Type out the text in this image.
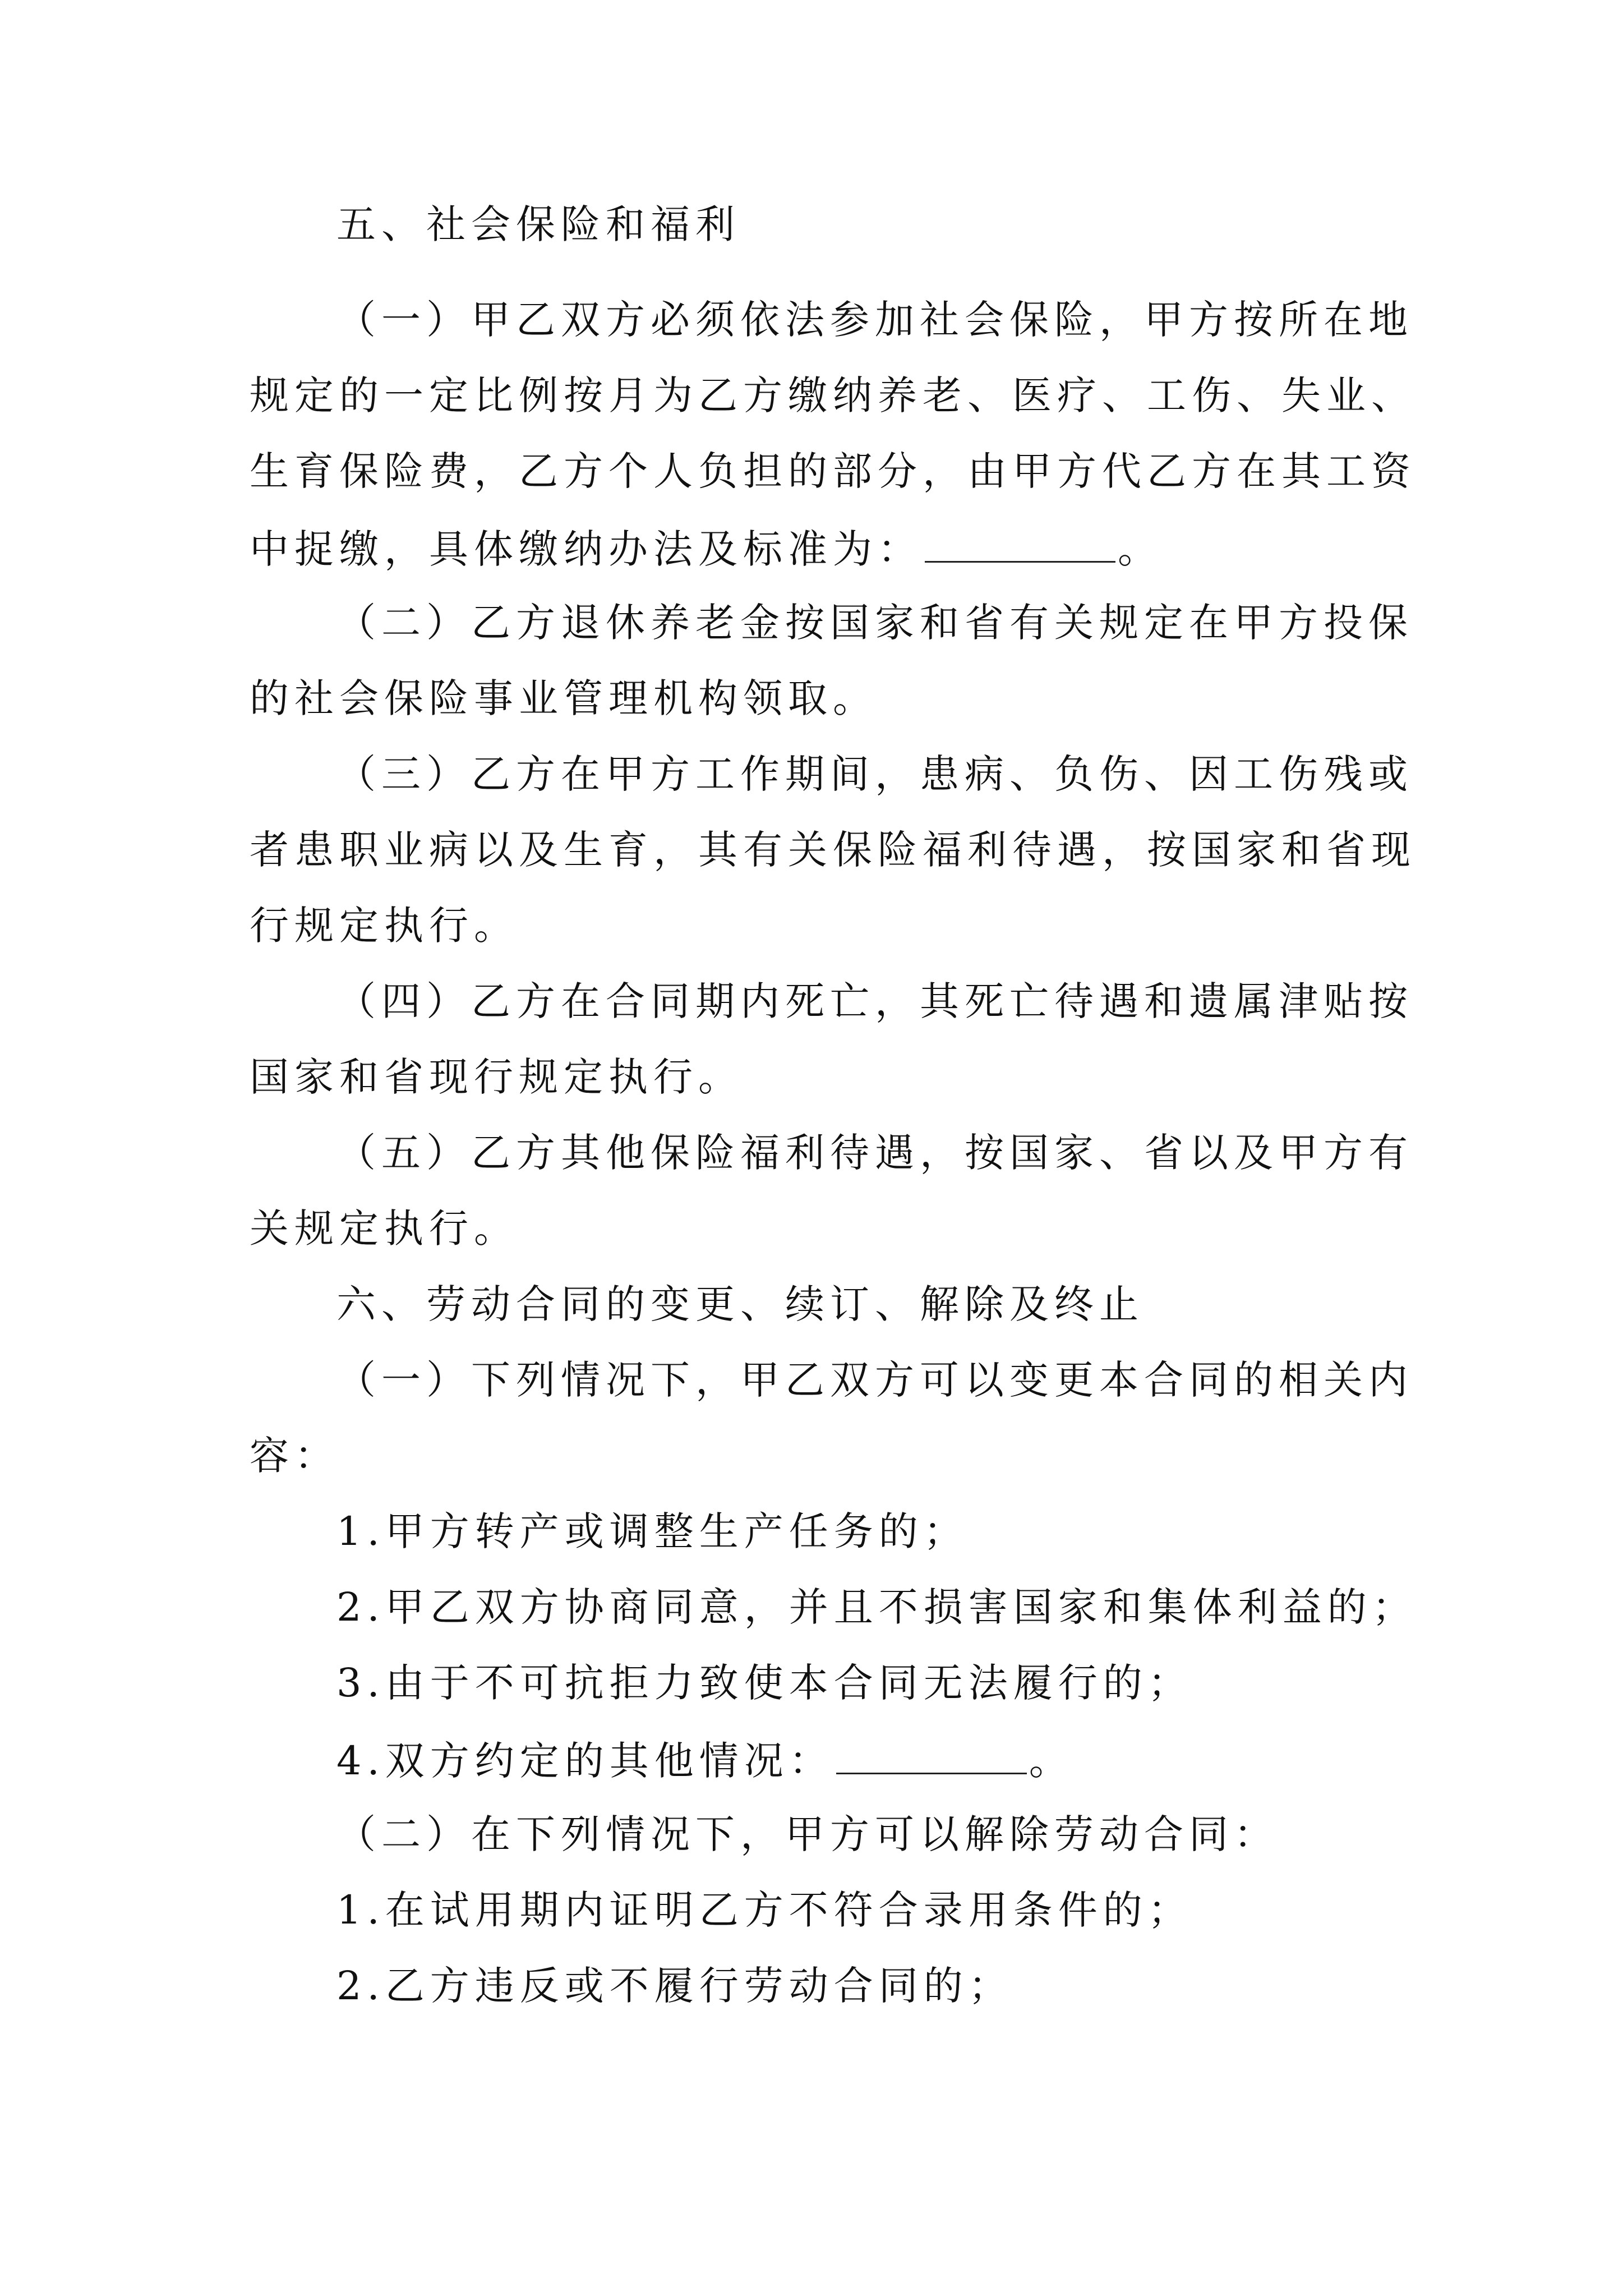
五、社会保险和福利
（一）甲乙双方必须依法参加社会保险，甲方按所在地
规定的一定比例按月为乙方缴纳养老、医疗、工伤、失业、
生育保险费，乙方个人负担的部分，由甲方代乙方在其工资
中捉缴，具体缴纳办法及标准为：	。
（二）乙方退休养老金按国家和省有关规定在甲方投保
的社会保险事业管理机构领取。
（三）乙方在甲方工作期间，患病、负伤、因工伤残或
者患职业病以及生育，其有关保险福利待遇，按国家和省现
行规定执行。
（四）乙方在合同期内死亡，其死亡待遇和遗属津贴按
国家和省现行规定执行。
（五）乙方其他保险福利待遇，按国家、省以及甲方有
关规定执行。
六、劳动合同的变更、续订、解除及终止
（一）下列情况下，甲乙双方可以变更本合同的相关内
容：
1.甲方转产或调整生产任务的；
2.甲乙双方协商同意，并且不损害国家和集体利益的；
3.由于不可抗拒力致使本合同无法履行的；
4.双方约定的其他情况：	。
（二）在下列情况下，甲方可以解除劳动合同：
1.在试用期内证明乙方不符合录用条件的；
2.乙方违反或不履行劳动合同的；
